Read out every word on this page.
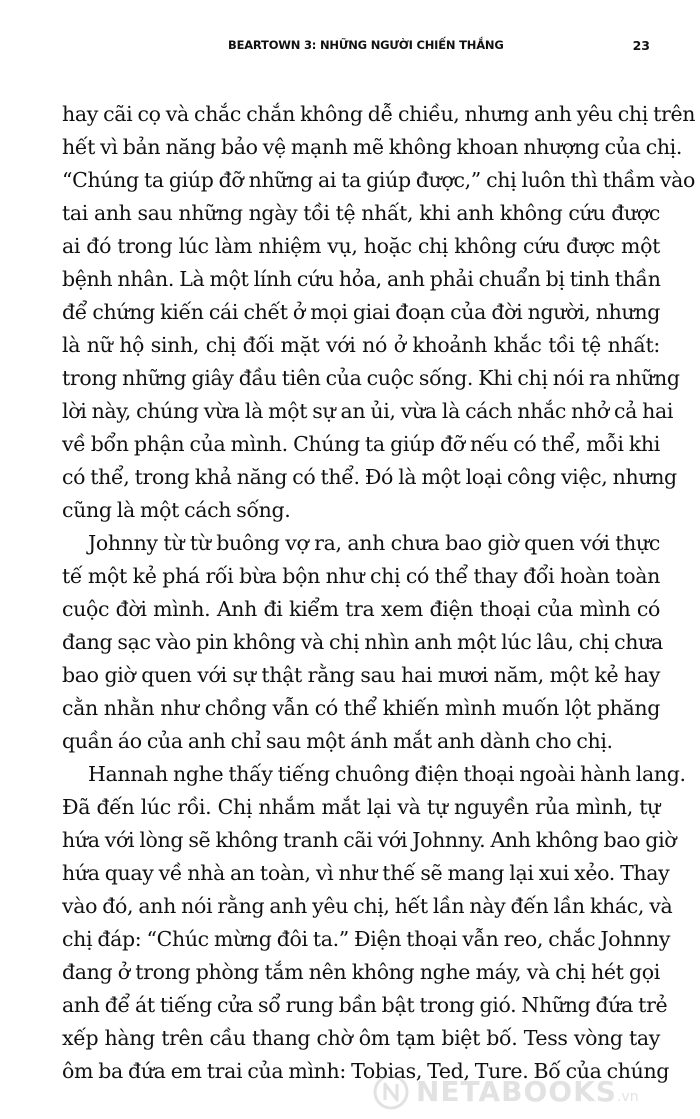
BEARTOWN 3: NHỮNG NGƯỜI CHIẾN THẮNG	23
hay cãi cọ và chắc chắn không dễ chiều, nhưng anh yêu chị trên
hết vì bản năng bảo vệ mạnh mẽ không khoan nhượng của chị.
“Chúng ta giúp đỡ những ai ta giúp được,” chị luôn thì thầm vào
tai anh sau những ngày tồi tệ nhất, khi anh không cứu được
ai đó trong lúc làm nhiệm vụ, hoặc chị không cứu được một
bệnh nhân. Là một lính cứu hỏa, anh phải chuẩn bị tinh thần
để chứng kiến cái chết ở mọi giai đoạn của đời người, nhưng
là nữ hộ sinh, chị đối mặt với nó ở khoảnh khắc tồi tệ nhất:
trong những giây đầu tiên của cuộc sống. Khi chị nói ra những
lời này, chúng vừa là một sự an ủi, vừa là cách nhắc nhở cả hai
về bổn phận của mình. Chúng ta giúp đỡ nếu có thể, mỗi khi
có thể, trong khả năng có thể. Đó là một loại công việc, nhưng
cũng là một cách sống.
Johnny từ từ buông vợ ra, anh chưa bao giờ quen với thực
tế một kẻ phá rối bừa bộn như chị có thể thay đổi hoàn toàn
cuộc đời mình. Anh đi kiểm tra xem điện thoại của mình có
đang sạc vào pin không và chị nhìn anh một lúc lâu, chị chưa
bao giờ quen với sự thật rằng sau hai mươi năm, một kẻ hay
cằn nhằn như chồng vẫn có thể khiến mình muốn lột phăng
quần áo của anh chỉ sau một ánh mắt anh dành cho chị.
Hannah nghe thấy tiếng chuông điện thoại ngoài hành lang.
Đã đến lúc rồi. Chị nhắm mắt lại và tự nguyền rủa mình, tự
hứa với lòng sẽ không tranh cãi với Johnny. Anh không bao giờ
hứa quay về nhà an toàn, vì như thế sẽ mang lại xui xẻo. Thay
vào đó, anh nói rằng anh yêu chị, hết lần này đến lần khác, và
chị đáp: “Chúc mừng đôi ta.” Điện thoại vẫn reo, chắc Johnny
đang ở trong phòng tắm nên không nghe máy, và chị hét gọi
anh để át tiếng cửa sổ rung bần bật trong gió. Những đứa trẻ
xếp hàng trên cầu thang chờ ôm tạm biệt bố. Tess vòng tay
ôm ba đứa em trai của mình: Tobias, Ted, Ture. Bố của chúng
NETABOOKS.vn
